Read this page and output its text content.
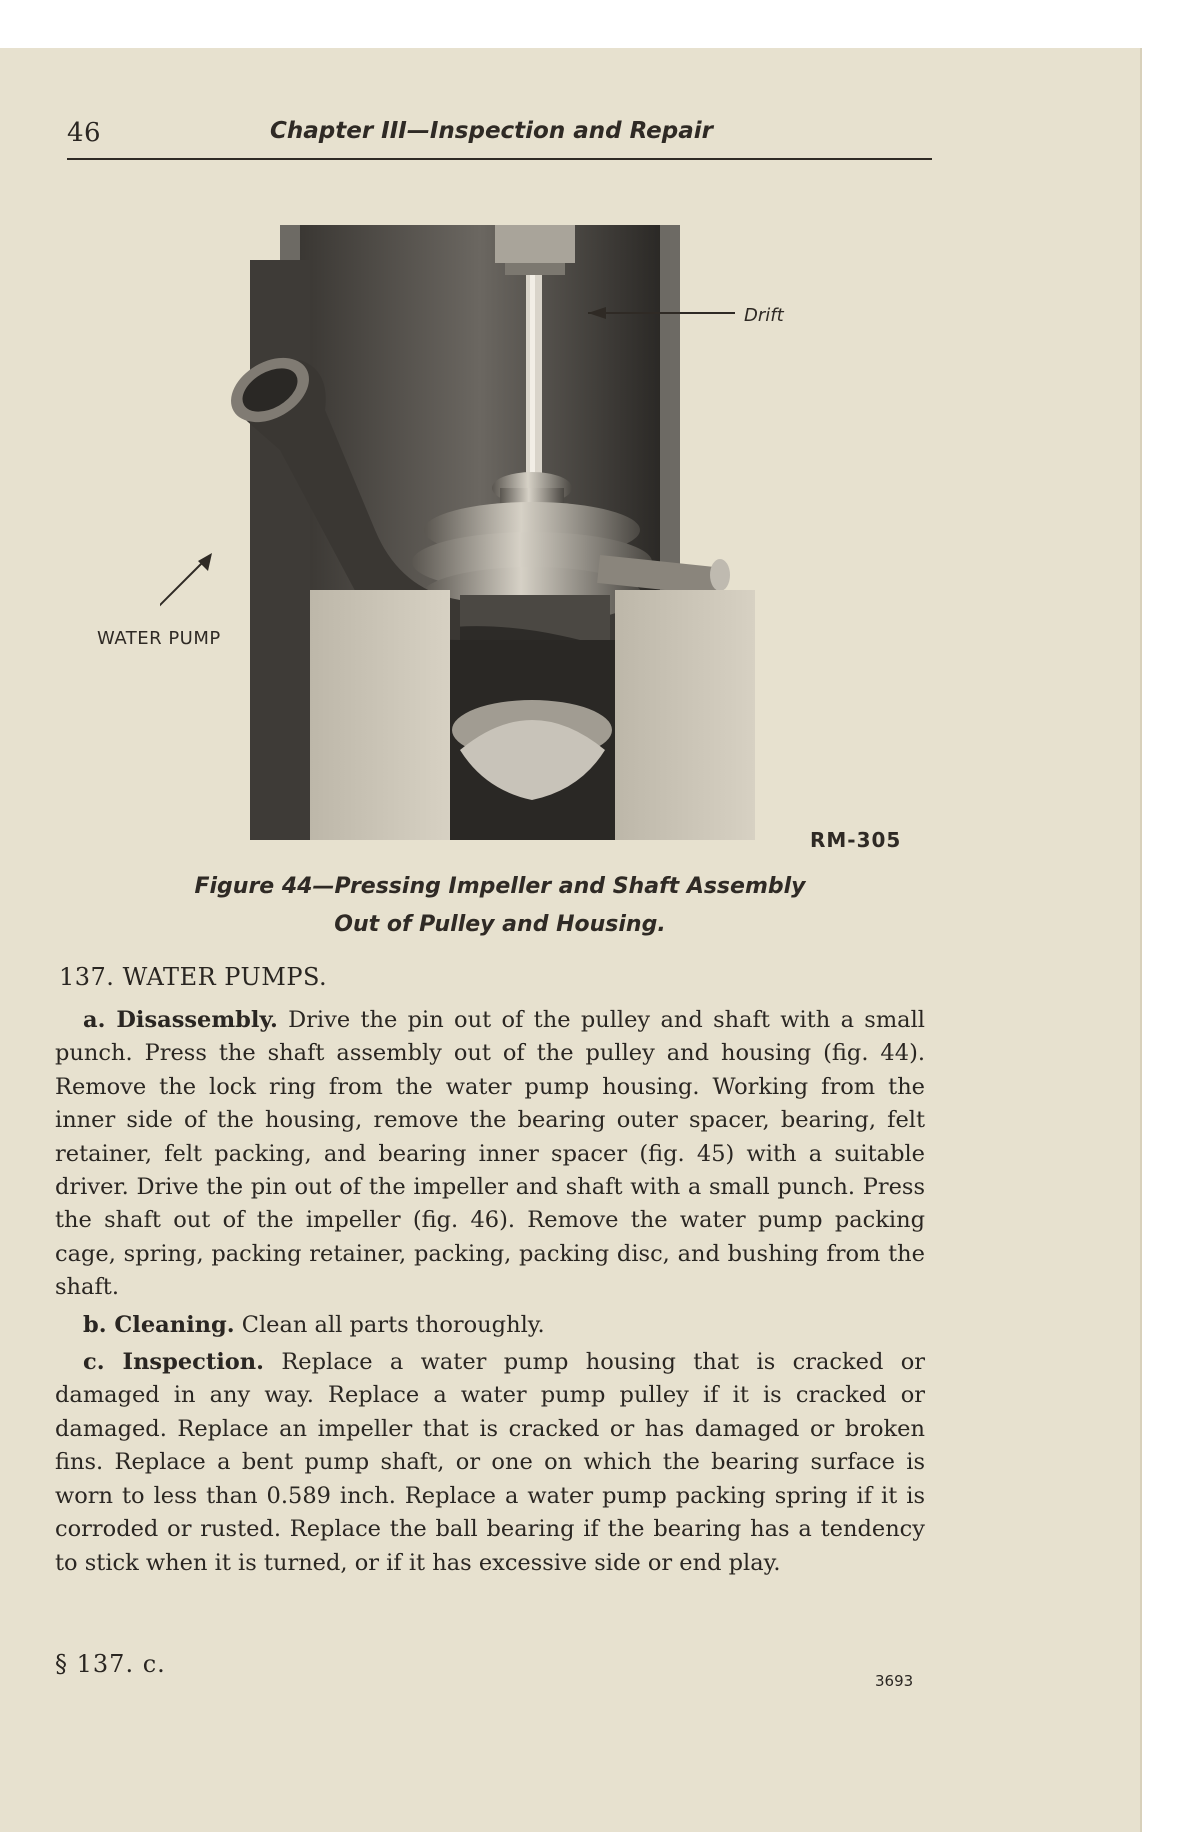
46	Chapter III—Inspection and Repair
Drift
WATER PUMP
RM-305
Figure 44—Pressing Impeller and Shaft Assembly
Out of Pulley and Housing.
137. WATER PUMPS.

a. Disassembly. Drive the pin out of the pulley and shaft with a small punch. Press the shaft assembly out of the pulley and housing (fig. 44). Remove the lock ring from the water pump housing. Working from the inner side of the housing, remove the bearing outer spacer, bearing, felt retainer, felt packing, and bearing inner spacer (fig. 45) with a suitable driver. Drive the pin out of the impeller and shaft with a small punch. Press the shaft out of the impeller (fig. 46). Remove the water pump packing cage, spring, packing retainer, packing, packing disc, and bushing from the shaft.

b. Cleaning. Clean all parts thoroughly.

c. Inspection. Replace a water pump housing that is cracked or damaged in any way. Replace a water pump pulley if it is cracked or damaged. Replace an impeller that is cracked or has damaged or broken fins. Replace a bent pump shaft, or one on which the bearing surface is worn to less than 0.589 inch. Replace a water pump packing spring if it is corroded or rusted. Replace the ball bearing if the bearing has a tendency to stick when it is turned, or if it has excessive side or end play.

§ 137. c.
3693
